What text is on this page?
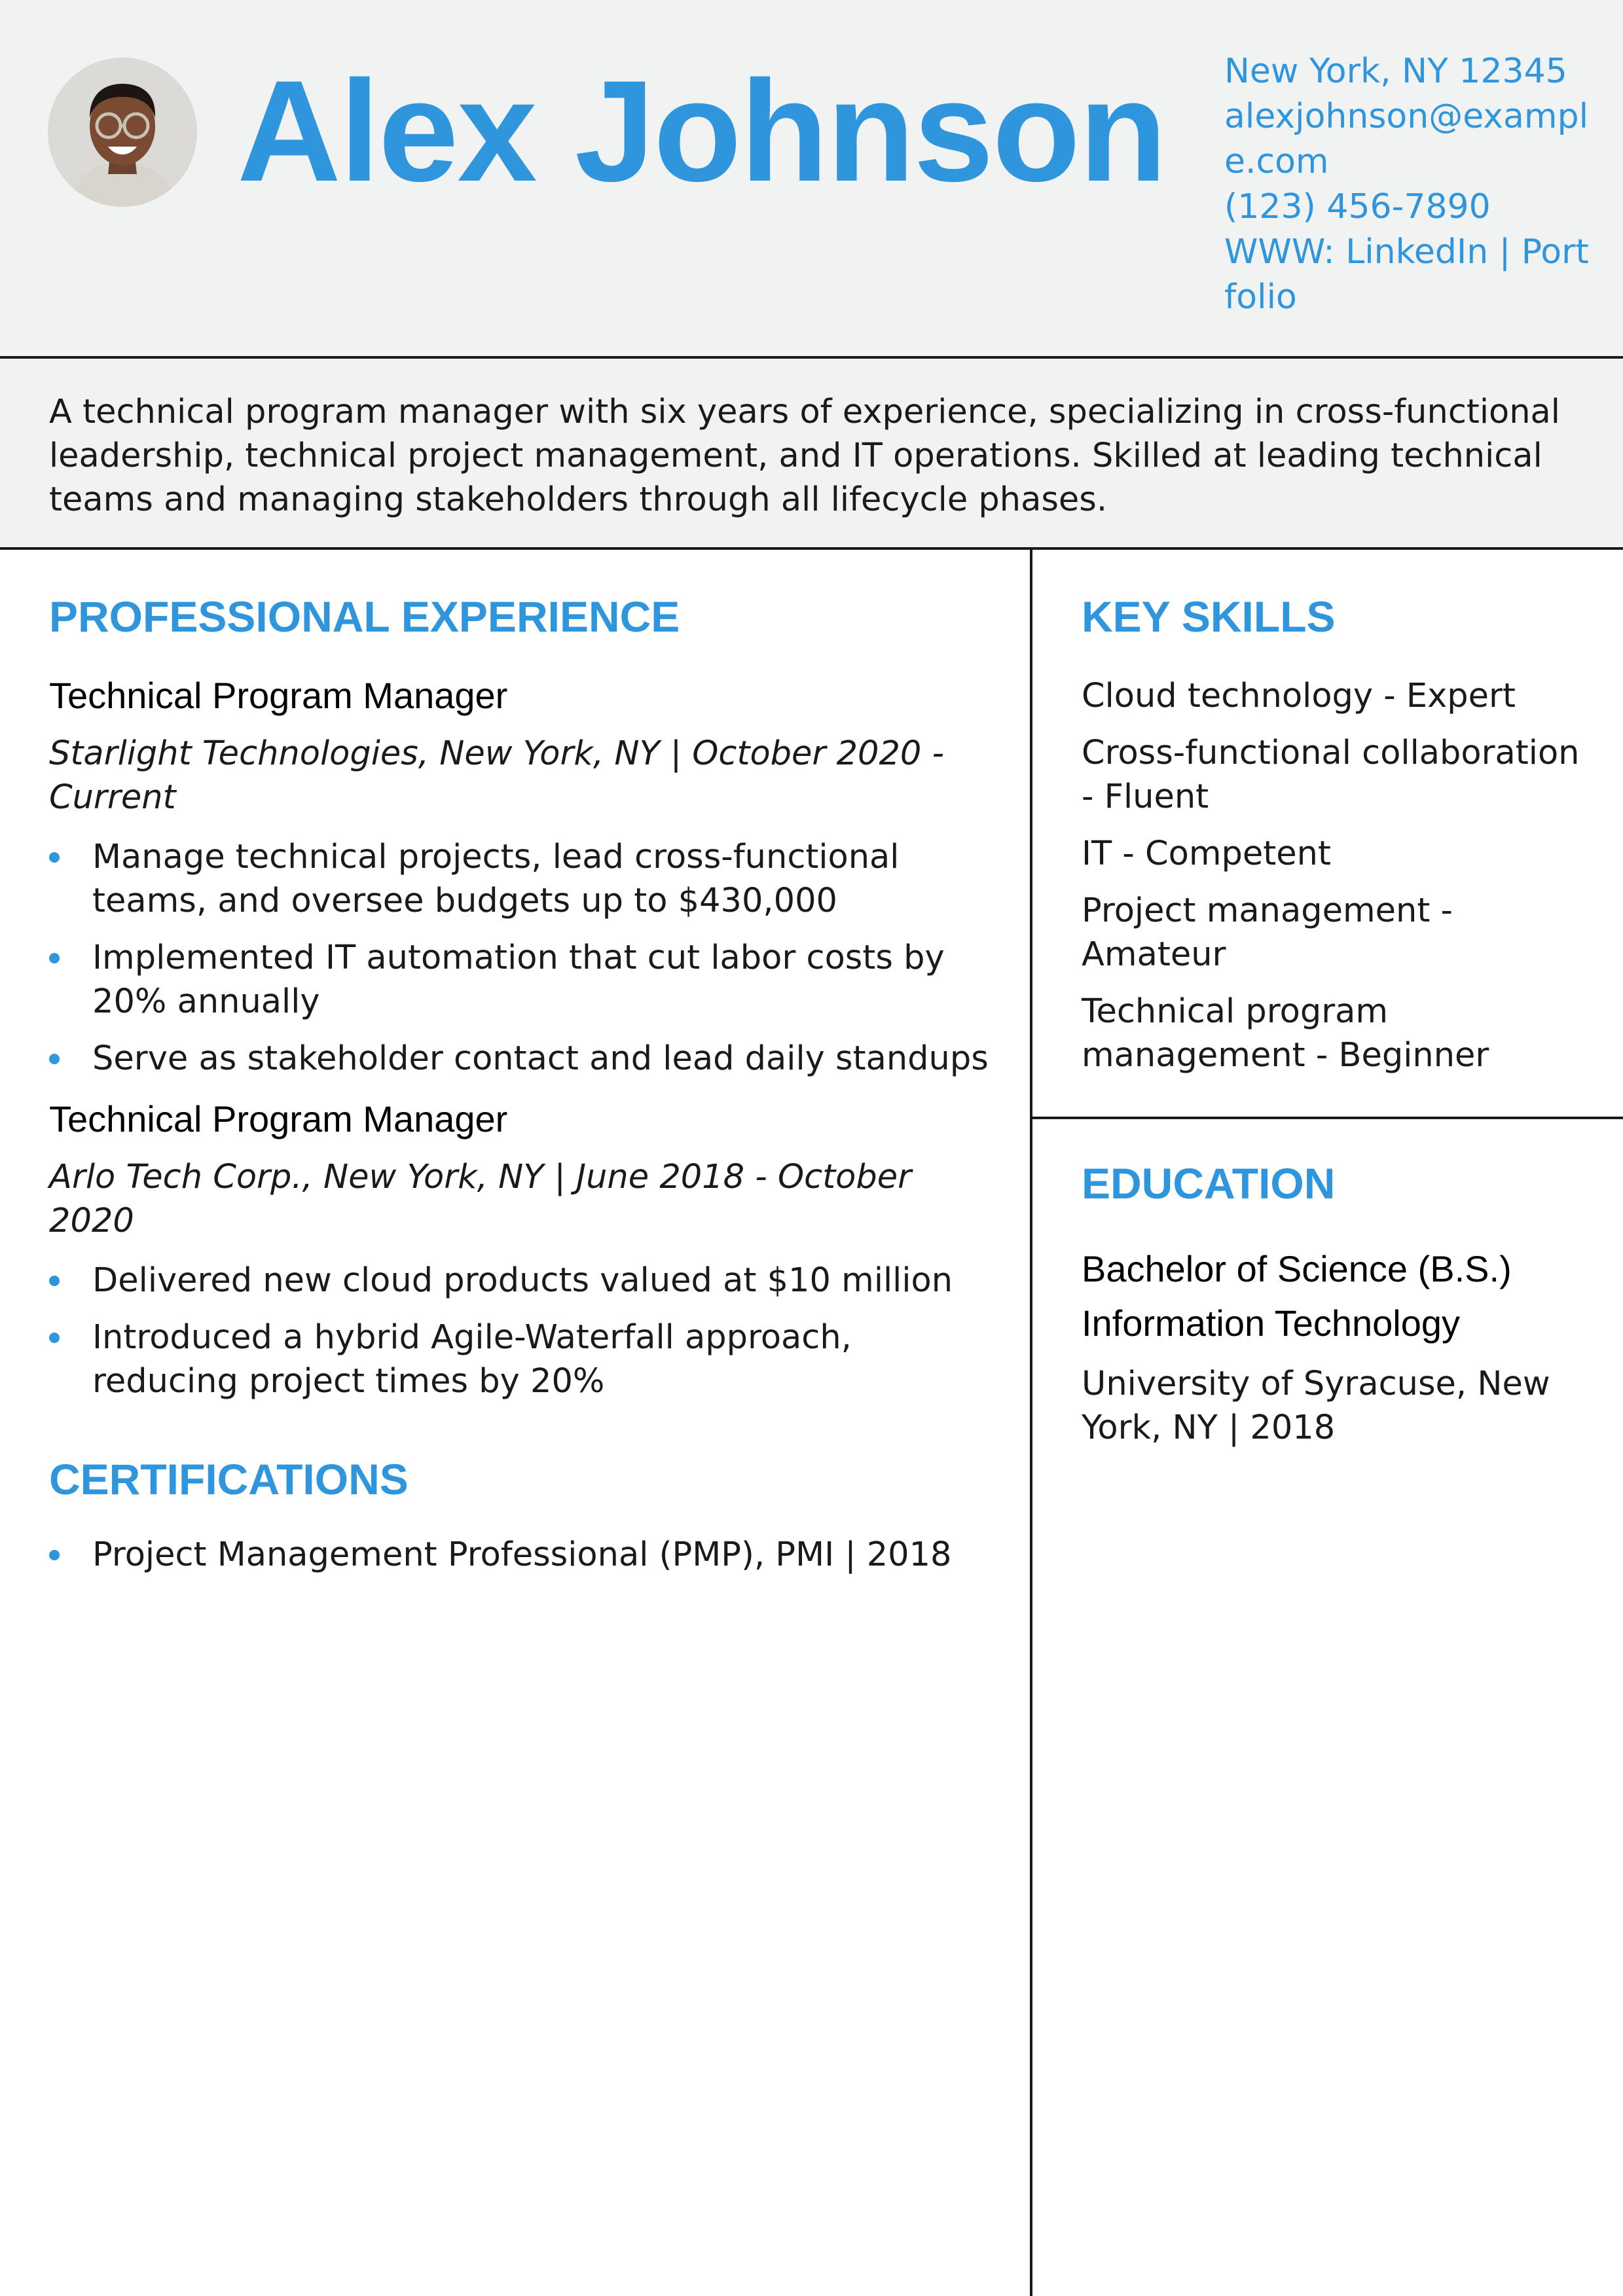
Alex Johnson New York, NY 12345
alexjohnson@example.com
(123) 456-7890
WWW: LinkedIn | Portfolio
A technical program manager with six years of experience, specializing in cross-functional leadership, technical project management, and IT operations. Skilled at leading technical teams and managing stakeholders through all lifecycle phases.
PROFESSIONAL EXPERIENCE
Technical Program Manager
Starlight Technologies, New York, NY | October 2020 - Current
Manage technical projects, lead cross-functional teams, and oversee budgets up to $430,000
Implemented IT automation that cut labor costs by 20% annually
Serve as stakeholder contact and lead daily standups
Technical Program Manager
Arlo Tech Corp., New York, NY | June 2018 - October 2020
Delivered new cloud products valued at $10 million
Introduced a hybrid Agile-Waterfall approach, reducing project times by 20%
CERTIFICATIONS
Project Management Professional (PMP), PMI | 2018
KEY SKILLS
Cloud technology - Expert
Cross-functional collaboration - Fluent
IT - Competent
Project management - Amateur
Technical program management - Beginner
EDUCATION
Bachelor of Science (B.S.) Information Technology
University of Syracuse, New York, NY | 2018
